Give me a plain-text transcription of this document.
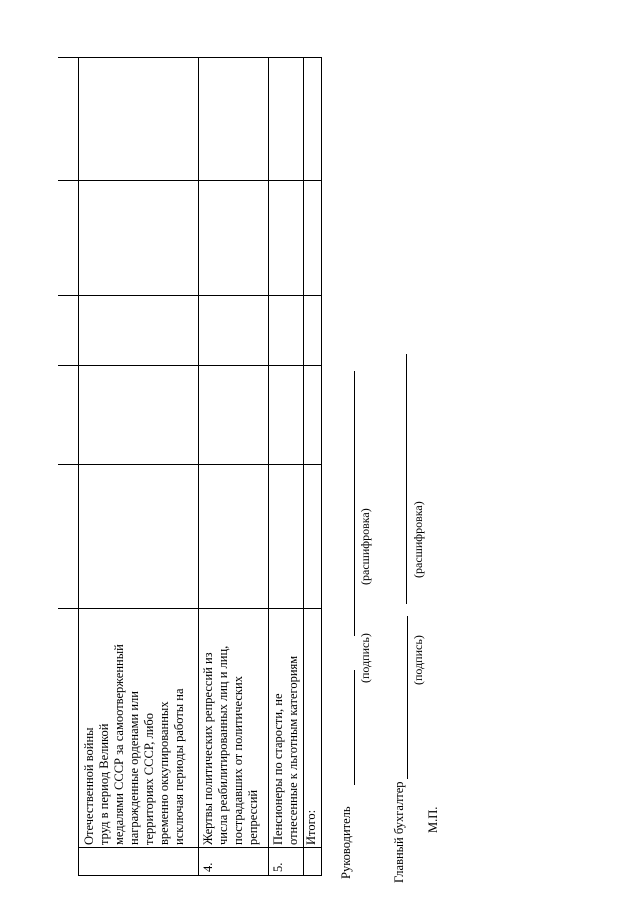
Отечественной войны труд в период Великой медалями СССР за самоотверженный награжденные орденами или территориях СССР, либо временно оккупированных исключая периоды работы на
4.
Жертвы политических репрессий из числа реабилитированных лиц и лиц, пострадавших от политических репрессий
5.
Пенсионеры по старости, не отнесенные к льготным категориям Итого: Руководитель
(подпись)
(расшифровка)
Главный бухгалтер
(подпись)
(расшифровка)
М.П.
